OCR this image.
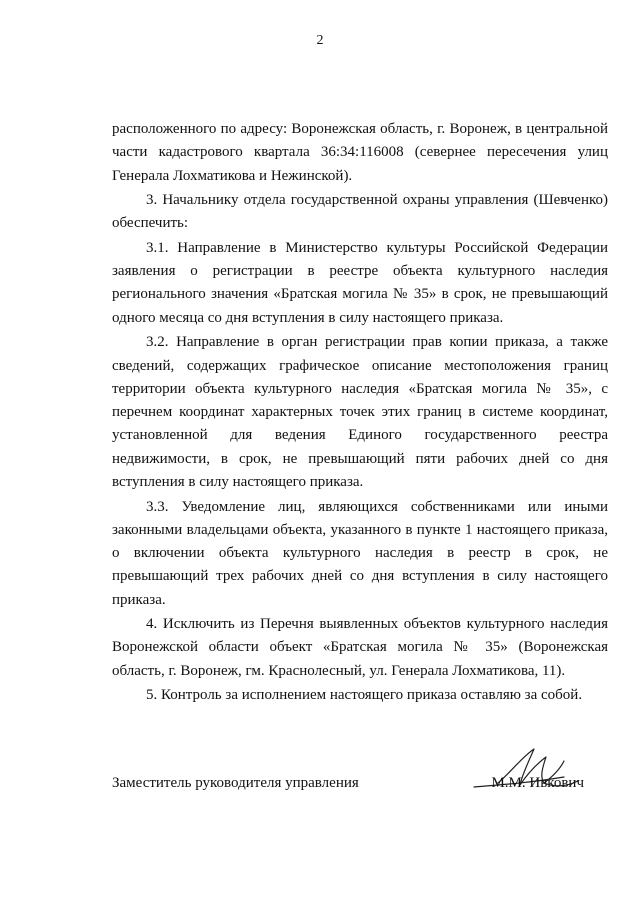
2

расположенного по адресу: Воронежская область, г. Воронеж, в центральной части кадастрового квартала 36:34:116008 (севернее пересечения улиц Генерала Лохматикова и Нежинской).

3. Начальнику отдела государственной охраны управления (Шевченко) обеспечить:

3.1. Направление в Министерство культуры Российской Федерации заявления о регистрации в реестре объекта культурного наследия регионального значения «Братская могила № 35» в срок, не превышающий одного месяца со дня вступления в силу настоящего приказа.

3.2. Направление в орган регистрации прав копии приказа, а также сведений, содержащих графическое описание местоположения границ территории объекта культурного наследия «Братская могила № 35», с перечнем координат характерных точек этих границ в системе координат, установленной для ведения Единого государственного реестра недвижимости, в срок, не превышающий пяти рабочих дней со дня вступления в силу настоящего приказа.

3.3. Уведомление лиц, являющихся собственниками или иными законными владельцами объекта, указанного в пункте 1 настоящего приказа, о включении объекта культурного наследия в реестр в срок, не превышающий трех рабочих дней со дня вступления в силу настоящего приказа.

4. Исключить из Перечня выявленных объектов культурного наследия Воронежской области объект «Братская могила № 35» (Воронежская область, г. Воронеж, гм. Краснолесный, ул. Генерала Лохматикова, 11).

5. Контроль за исполнением настоящего приказа оставляю за собой.

Заместитель руководителя управления	М.М. Ивкович
